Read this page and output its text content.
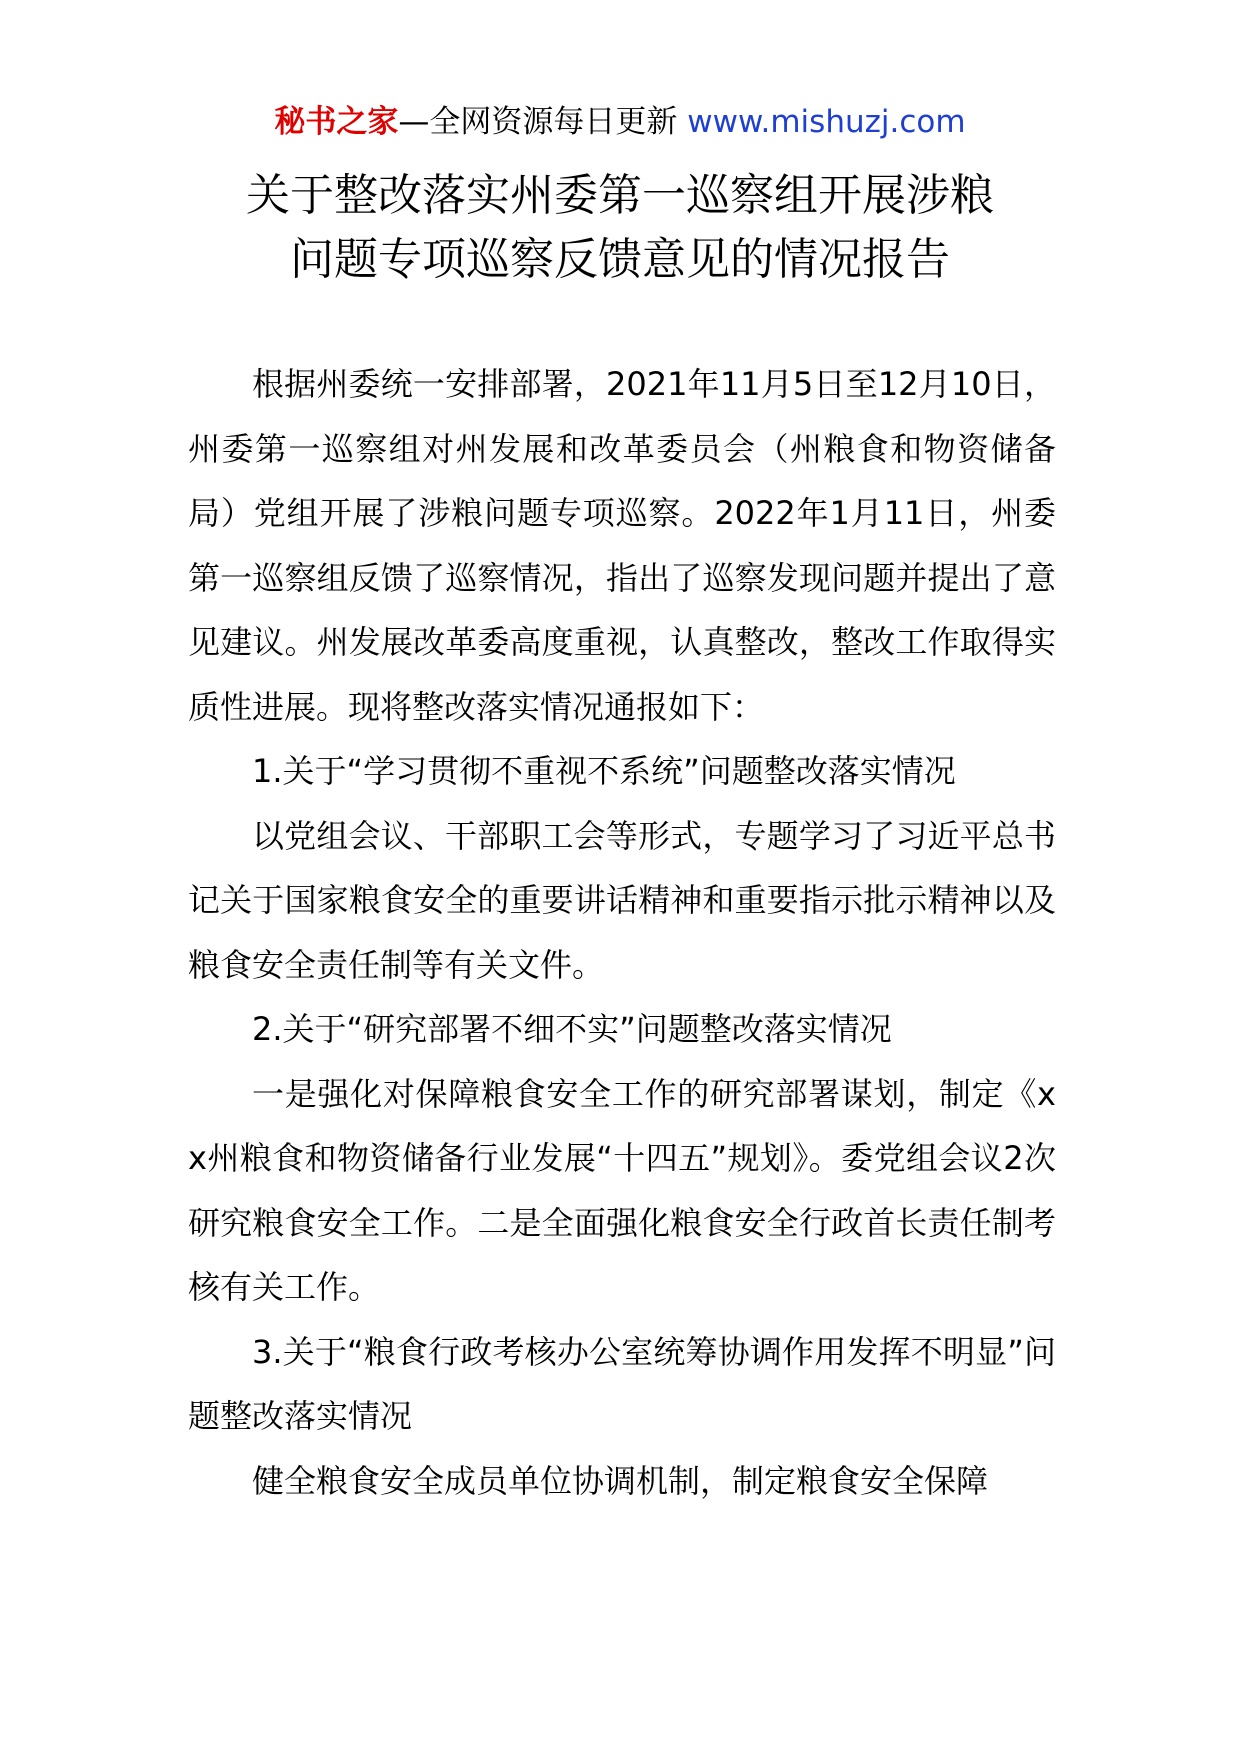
秘书之家—全网资源每日更新 www.mishuzj.com
关于整改落实州委第一巡察组开展涉粮
问题专项巡察反馈意见的情况报告

根据州委统一安排部署，2021年11月5日至12月10日，州委第一巡察组对州发展和改革委员会（州粮食和物资储备局）党组开展了涉粮问题专项巡察。2022年1月11日，州委第一巡察组反馈了巡察情况，指出了巡察发现问题并提出了意见建议。州发展改革委高度重视，认真整改，整改工作取得实质性进展。现将整改落实情况通报如下：

1.关于“学习贯彻不重视不系统”问题整改落实情况

以党组会议、干部职工会等形式，专题学习了习近平总书记关于国家粮食安全的重要讲话精神和重要指示批示精神以及粮食安全责任制等有关文件。

2.关于“研究部署不细不实”问题整改落实情况

一是强化对保障粮食安全工作的研究部署谋划，制定《xx州粮食和物资储备行业发展“十四五”规划》。委党组会议2次研究粮食安全工作。二是全面强化粮食安全行政首长责任制考核有关工作。

3.关于“粮食行政考核办公室统筹协调作用发挥不明显”问题整改落实情况

健全粮食安全成员单位协调机制，制定粮食安全保障
